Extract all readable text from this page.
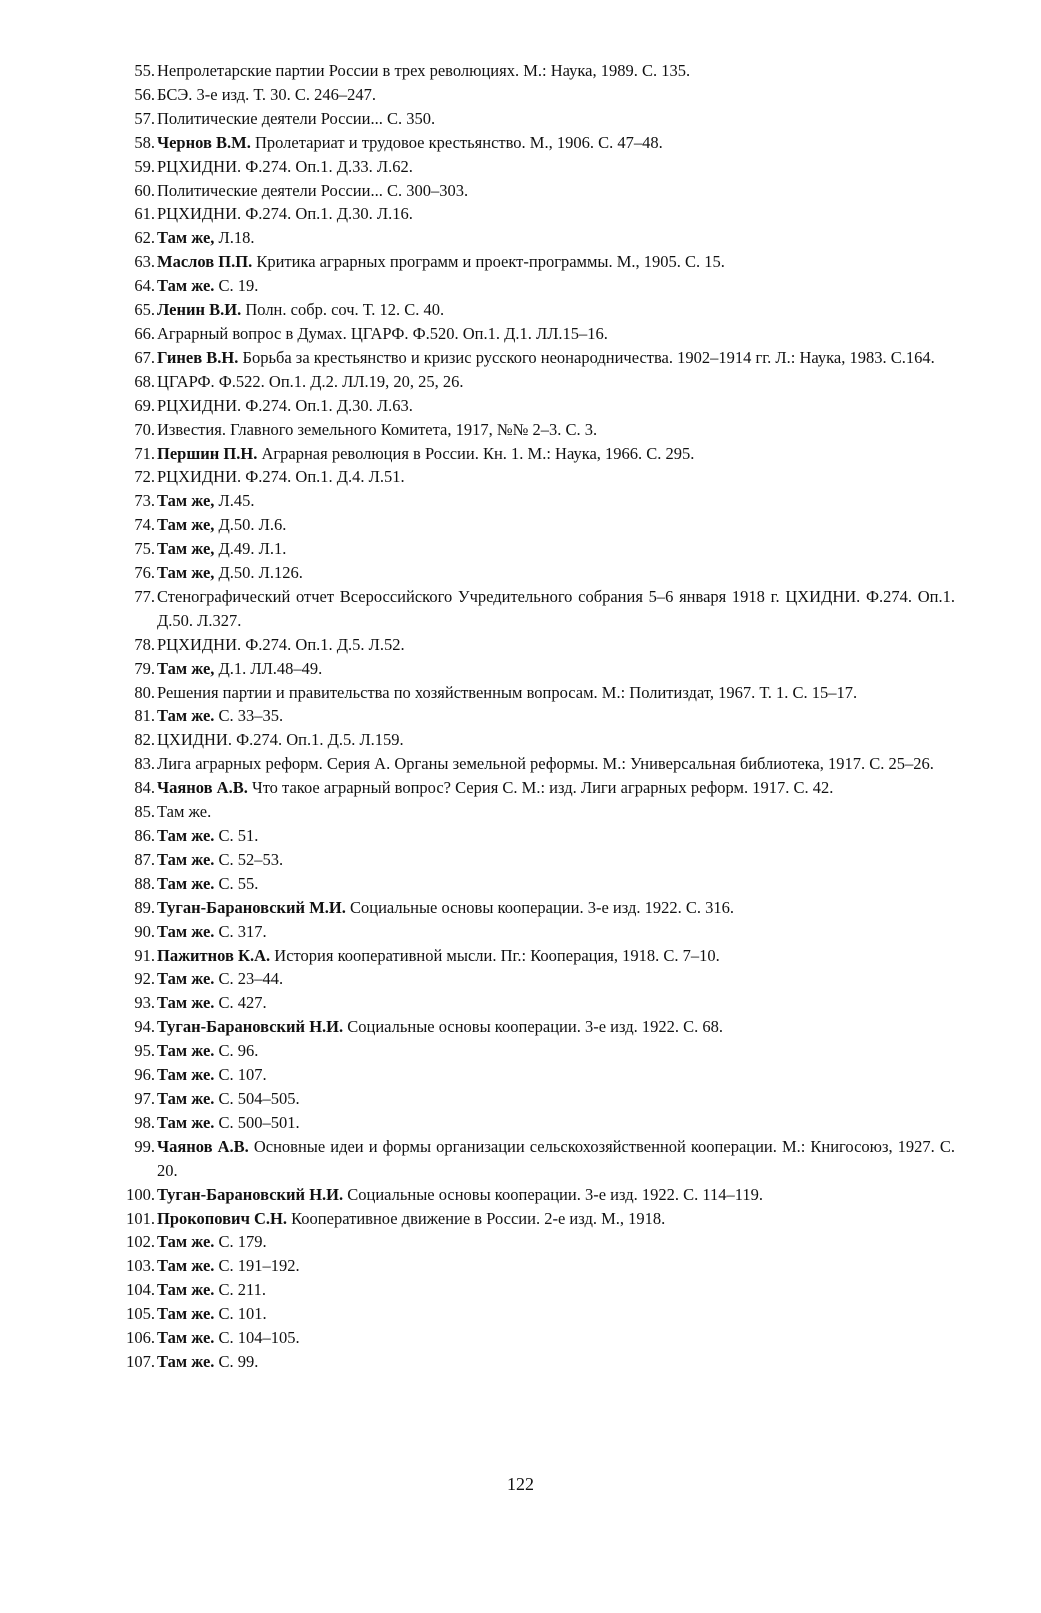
55. Непролетарские партии России в трех революциях. М.: Наука, 1989. С. 135.
56. БСЭ. 3-е изд. Т. 30. С. 246–247.
57. Политические деятели России... С. 350.
58. Чернов В.М. Пролетариат и трудовое крестьянство. М., 1906. С. 47–48.
59. РЦХИДНИ. Ф.274. Оп.1. Д.33. Л.62.
60. Политические деятели России... С. 300–303.
61. РЦХИДНИ. Ф.274. Оп.1. Д.30. Л.16.
62. Там же, Л.18.
63. Маслов П.П. Критика аграрных программ и проект-программы. М., 1905. С. 15.
64. Там же. С. 19.
65. Ленин В.И. Полн. собр. соч. Т. 12. С. 40.
66. Аграрный вопрос в Думах. ЦГАРФ. Ф.520. Оп.1. Д.1. ЛЛ.15–16.
67. Гинев В.Н. Борьба за крестьянство и кризис русского неонародничества. 1902–1914 гг. Л.: Наука, 1983. С.164.
68. ЦГАРФ. Ф.522. Оп.1. Д.2. ЛЛ.19, 20, 25, 26.
69. РЦХИДНИ. Ф.274. Оп.1. Д.30. Л.63.
70. Известия. Главного земельного Комитета, 1917, №№ 2–3. С. 3.
71. Першин П.Н. Аграрная революция в России. Кн. 1. М.: Наука, 1966. С. 295.
72. РЦХИДНИ. Ф.274. Оп.1. Д.4. Л.51.
73. Там же, Л.45.
74. Там же, Д.50. Л.6.
75. Там же, Д.49. Л.1.
76. Там же, Д.50. Л.126.
77. Стенографический отчет Всероссийского Учредительного собрания 5–6 января 1918 г. ЦХИДНИ. Ф.274. Оп.1. Д.50. Л.327.
78. РЦХИДНИ. Ф.274. Оп.1. Д.5. Л.52.
79. Там же, Д.1. ЛЛ.48–49.
80. Решения партии и правительства по хозяйственным вопросам. М.: Политиздат, 1967. Т. 1. С. 15–17.
81. Там же. С. 33–35.
82. ЦХИДНИ. Ф.274. Оп.1. Д.5. Л.159.
83. Лига аграрных реформ. Серия А. Органы земельной реформы. М.: Универсальная библиотека, 1917. С. 25–26.
84. Чаянов А.В. Что такое аграрный вопрос? Серия С. М.: изд. Лиги аграрных реформ. 1917. С. 42.
85. Там же.
86. Там же. С. 51.
87. Там же. С. 52–53.
88. Там же. С. 55.
89. Туган-Барановский М.И. Социальные основы кооперации. 3-е изд. 1922. С. 316.
90. Там же. С. 317.
91. Пажитнов К.А. История кооперативной мысли. Пг.: Кооперация, 1918. С. 7–10.
92. Там же. С. 23–44.
93. Там же. С. 427.
94. Туган-Барановский Н.И. Социальные основы кооперации. 3-е изд. 1922. С. 68.
95. Там же. С. 96.
96. Там же. С. 107.
97. Там же. С. 504–505.
98. Там же. С. 500–501.
99. Чаянов А.В. Основные идеи и формы организации сельскохозяйственной кооперации. М.: Книгосоюз, 1927. С. 20.
100. Туган-Барановский Н.И. Социальные основы кооперации. 3-е изд. 1922. С. 114–119.
101. Прокопович С.Н. Кооперативное движение в России. 2-е изд. М., 1918.
102. Там же. С. 179.
103. Там же. С. 191–192.
104. Там же. С. 211.
105. Там же. С. 101.
106. Там же. С. 104–105.
107. Там же. С. 99.
122
